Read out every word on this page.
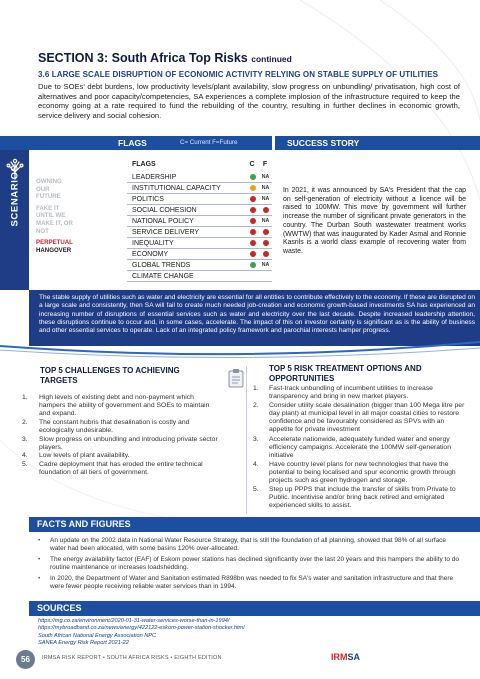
SECTION 3: South Africa Top Risks continued
3.6 LARGE SCALE DISRUPTION OF ECONOMIC ACTIVITY RELYING ON STABLE SUPPLY OF UTILITIES
Due to SOEs' debt burdens, low productivity levels/plant availability, slow progress on unbundling/ privatisation, high cost of alternatives and poor capacity/competencies, SA experiences a complete implosion of the infrastructure required to keep the economy going at a rate required to fund the rebuilding of the country, resulting in further declines in economic growth, service delivery and social cohesion.
FLAGS	C= Current F=Future	SUCCESS STORY
SCENARIOS	OWNING
OUR
FUTURE
FAKE IT
UNTIL WE
MAKE IT, OR
NOT
PERPETUAL
HANGOVER
FLAGS	C	F
LEADERSHIP	NA
INSTITUTIONAL CAPACITY	NA
POLITICS	NA
SOCIAL COHESION
NATIONAL POLICY	NA
SERVICE DELIVERY
INEQUALITY
ECONOMY
GLOBAL TRENDS	NA
CLIMATE CHANGE
In 2021, it was announced by SA's President that the cap on self-generation of electricity without a licence will be raised to 100MW. This move by government will further increase the number of significant private generators in the country. The Durban South wastewater treatment works (WWTW) that was inaugurated by Kader Asmal and Ronnie Kasrils is a world class example of recovering water from waste.
The stable supply of utilities such as water and electricity are essential for all entities to contribute effectively to the economy. If these are disrupted on a large scale and consistently, then SA will fail to create much needed job-creation and economic growth-based investments SA has experienced an increasing number of disruptions of essential services such as water and electricity over the last decade. Despite increased leadership attention, these disruptions continue to occur and, in some cases, accelerate. The impact of this on investor certainty is significant as is the ability of business and other essential services to operate. Lack of an integrated policy framework and parochial interests hamper progress.
TOP 5 CHALLENGES TO ACHIEVING TARGETS
1.	High levels of existing debt and non-payment which hampers the ability of government and SOEs to maintain and expand.
2.	The constant hubris that desalination is costly and ecologically undesirable.
3.	Slow progress on unbundling and introducing private sector players.
4.	Low levels of plant availability.
5.	Cadre deployment that has eroded the entire technical foundation of all tiers of government.
TOP 5 RISK TREATMENT OPTIONS AND OPPORTUNITIES
1.	Fast-track unbundling of incumbent utilities to increase transparency and bring in new market players.
2.	Consider utility scale desalination (bigger than 100 Mega litre per day plant) at municipal level in all major coastal cities to restore confidence and be favourably considered as SPVs with an appetite for private investment
3.	Accelerate nationwide, adequately funded water and energy efficiency campaigns. Accelerate the 100MW self-generation initiative
4.	Have country level plans for new technologies that have the potential to being localised and spur economic growth through projects such as green hydrogen and storage.
5.	Step up PPPS that include the transfer of skills from Private to Public. Incentivise and/or bring back retired and emigrated experienced skills to assist.
FACTS AND FIGURES
•	An update on the 2002 data in National Water Resource Strategy, that is still the foundation of all planning, showed that 98% of all surface water had been allocated, with some basins 120% over-allocated.
•	The energy availability factor (EAF) of Eskom power stations has declined significantly over the last 20 years and this hampers the ability to do routine maintenance or increases loadshedding.
•	In 2020, the Department of Water and Sanitation estimated R898bn was needed to fix SA's water and sanitation infrastructure and that there were fewer people receiving reliable water services than in 1994.
SOURCES
https://mg.co.za/environment/2020-01-31-water-services-worse-than-in-1994/
https://mybroadband.co.za/news/energy/422122-eskom-power-station-shocker.html
South African National Energy Association NPC
SANEA Energy Risk Report 2021-22
56	IRMSA RISK REPORT • SOUTH AFRICA RISKS • EIGHTH EDITION	IRMSA
